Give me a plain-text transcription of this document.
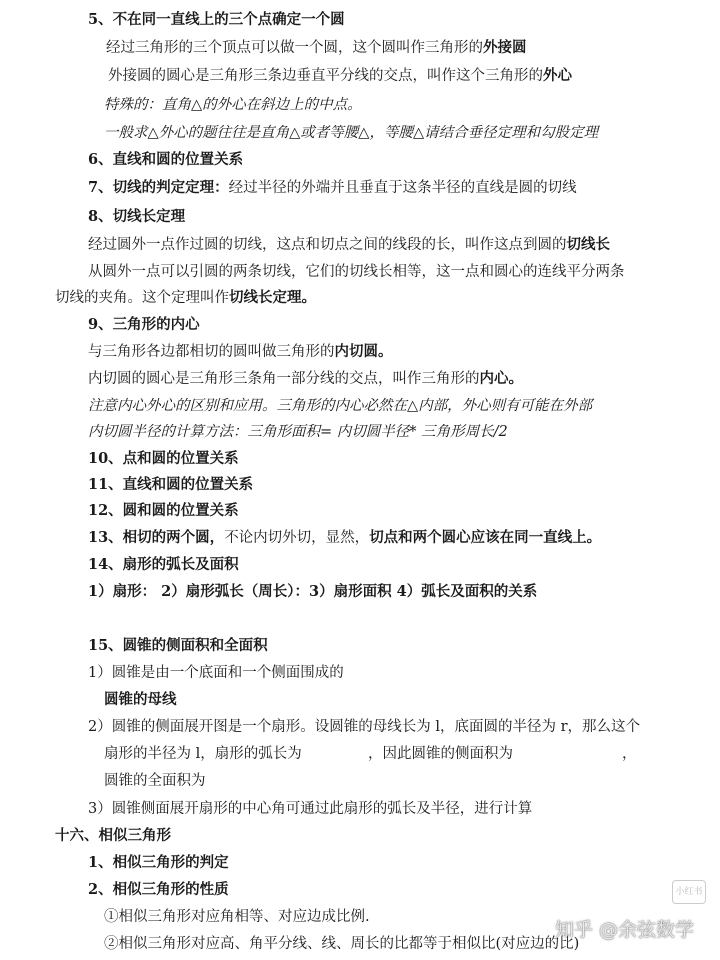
5、不在同一直线上的三个点确定一个圆
经过三角形的三个顶点可以做一个圆，这个圆叫作三角形的外接圆
外接圆的圆心是三角形三条边垂直平分线的交点，叫作这个三角形的外心
特殊的：直角△的外心在斜边上的中点。
一般求△外心的题往往是直角△或者等腰△，等腰△请结合垂径定理和勾股定理
6、直线和圆的位置关系
7、切线的判定定理：经过半径的外端并且垂直于这条半径的直线是圆的切线
8、切线长定理
经过圆外一点作过圆的切线，这点和切点之间的线段的长，叫作这点到圆的切线长
从圆外一点可以引圆的两条切线，它们的切线长相等，这一点和圆心的连线平分两条
切线的夹角。这个定理叫作切线长定理。
9、三角形的内心
与三角形各边都相切的圆叫做三角形的内切圆。
内切圆的圆心是三角形三条角一部分线的交点，叫作三角形的内心。
注意内心外心的区别和应用。三角形的内心必然在△内部，外心则有可能在外部
内切圆半径的计算方法：三角形面积= 内切圆半径* 三角形周长/2
10、点和圆的位置关系
11、直线和圆的位置关系
12、圆和圆的位置关系
13、相切的两个圆，不论内切外切，显然，切点和两个圆心应该在同一直线上。
14、扇形的弧长及面积
1）扇形： 2）扇形弧长（周长）：3）扇形面积 4）弧长及面积的关系
15、圆锥的侧面积和全面积
1）圆锥是由一个底面和一个侧面围成的
圆锥的母线
2）圆锥的侧面展开图是一个扇形。设圆锥的母线长为 l，底面圆的半径为 r，那么这个
扇形的半径为 l，扇形的弧长为	，因此圆锥的侧面积为	，
圆锥的全面积为
3）圆锥侧面展开扇形的中心角可通过此扇形的弧长及半径，进行计算
十六、相似三角形
1、相似三角形的判定
2、相似三角形的性质
①相似三角形对应角相等、对应边成比例.
②相似三角形对应高、角平分线、线、周长的比都等于相似比(对应边的比)
小红书
知乎 @余弦数学
